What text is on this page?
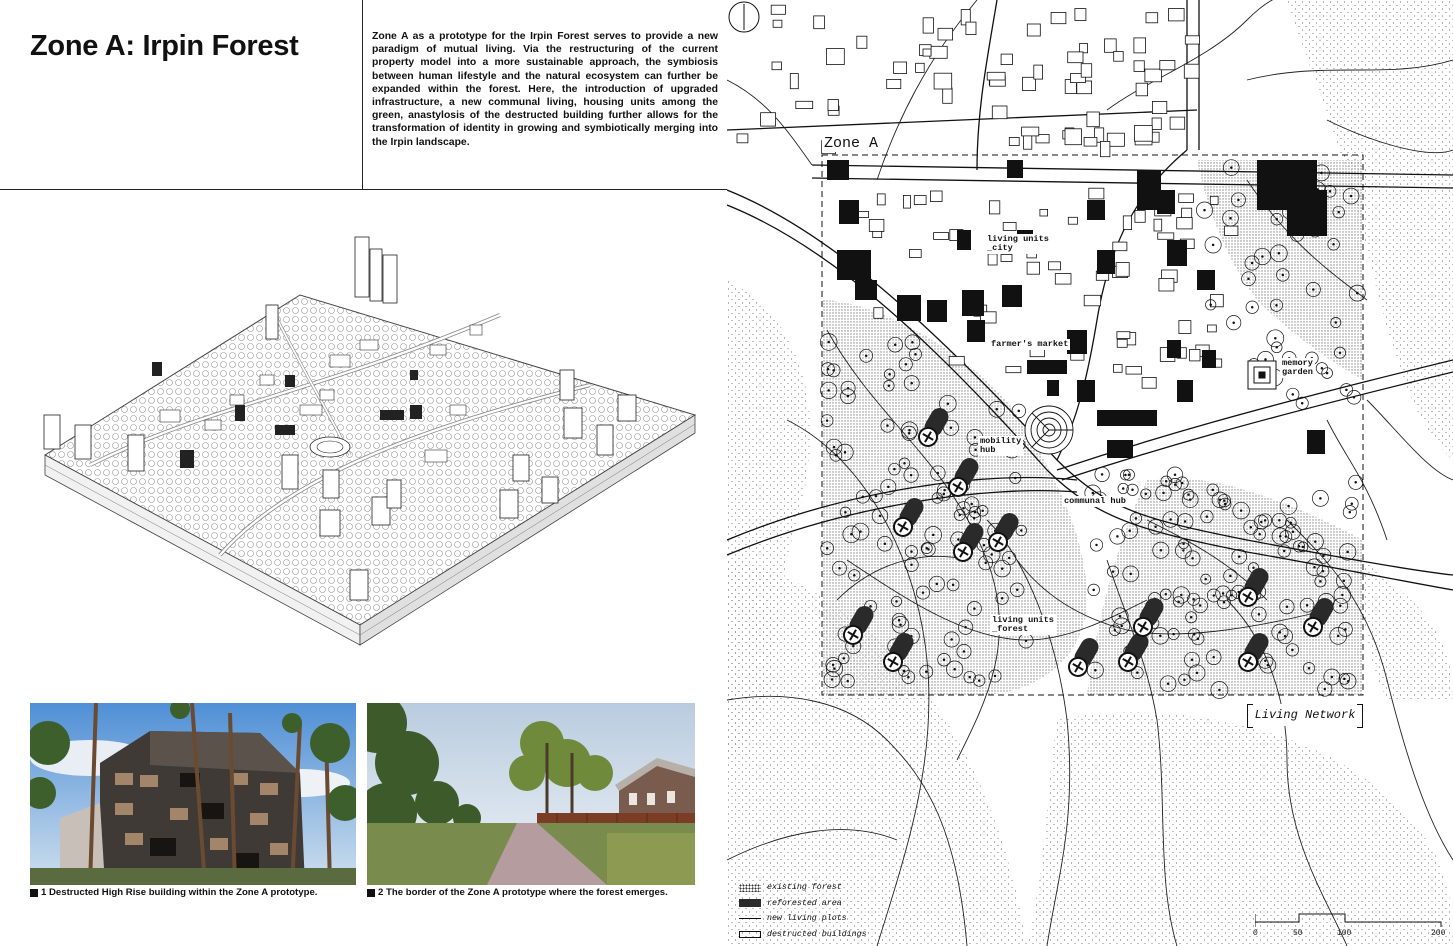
Zone A: Irpin Forest	Zone A as a prototype for the Irpin Forest serves to provide a new paradigm of mutual living. Via the restructuring of the current property model into a more sustainable approach, the symbiosis between human lifestyle and the natural ecosystem can further be expanded within the forest. Here, the introduction of upgraded infrastructure, a new communal living, housing units among the green, anastylosis of the destructed building further allows for the transformation of identity in growing and symbiotically merging into the Irpin landscape.

1 Destructed High Rise building within the Zone A prototype.	2 The border of the Zone A prototype where the forest emerges.
Zone A
living units
_city
farmer's market
memory
garden
mobility
hub
communal hub
living units
_forest
Living Network
existing forest
reforested area
new living plots
destructed buildings	0	50	100	200
